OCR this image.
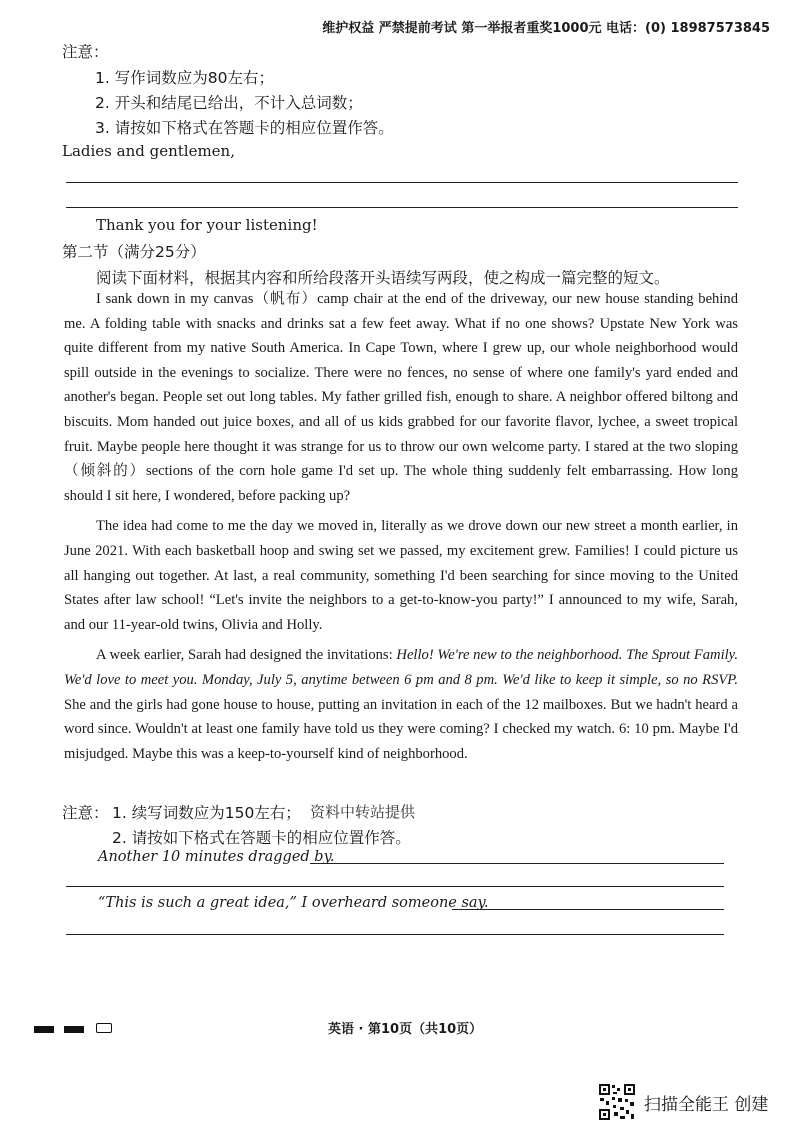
维护权益 严禁提前考试 第一举报者重奖1000元 电话：(0) 18987573845
注意：
1. 写作词数应为80左右；
2. 开头和结尾已给出，不计入总词数；
3. 请按如下格式在答题卡的相应位置作答。
Ladies and gentlemen,
Thank you for your listening!
第二节（满分25分）
阅读下面材料，根据其内容和所给段落开头语续写两段，使之构成一篇完整的短文。

I sank down in my canvas（帆布）camp chair at the end of the driveway, our new house standing behind me. A folding table with snacks and drinks sat a few feet away. What if no one shows? Upstate New York was quite different from my native South America. In Cape Town, where I grew up, our whole neighborhood would spill outside in the evenings to socialize. There were no fences, no sense of where one family's yard ended and another's began. People set out long tables. My father grilled fish, enough to share. A neighbor offered biltong and biscuits. Mom handed out juice boxes, and all of us kids grabbed for our favorite flavor, lychee, a sweet tropical fruit. Maybe people here thought it was strange for us to throw our own welcome party. I stared at the two sloping（倾斜的）sections of the corn hole game I'd set up. The whole thing suddenly felt embarrassing. How long should I sit here, I wondered, before packing up?

The idea had come to me the day we moved in, literally as we drove down our new street a month earlier, in June 2021. With each basketball hoop and swing set we passed, my excitement grew. Families! I could picture us all hanging out together. At last, a real community, something I'd been searching for since moving to the United States after law school! “Let's invite the neighbors to a get-to-know-you party!” I announced to my wife, Sarah, and our 11-year-old twins, Olivia and Holly.

A week earlier, Sarah had designed the invitations: Hello! We're new to the neighborhood. The Sprout Family. We'd love to meet you. Monday, July 5, anytime between 6 pm and 8 pm. We'd like to keep it simple, so no RSVP. She and the girls had gone house to house, putting an invitation in each of the 12 mailboxes. But we hadn't heard a word since. Wouldn't at least one family have told us they were coming? I checked my watch. 6: 10 pm. Maybe I'd misjudged. Maybe this was a keep-to-yourself kind of neighborhood.

注意： 1. 续写词数应为150左右； 资料中转站提供
2. 请按如下格式在答题卡的相应位置作答。
Another 10 minutes dragged by.
“This is such a great idea,” I overheard someone say.
英语 · 第10页（共10页）
扫描全能王 创建
